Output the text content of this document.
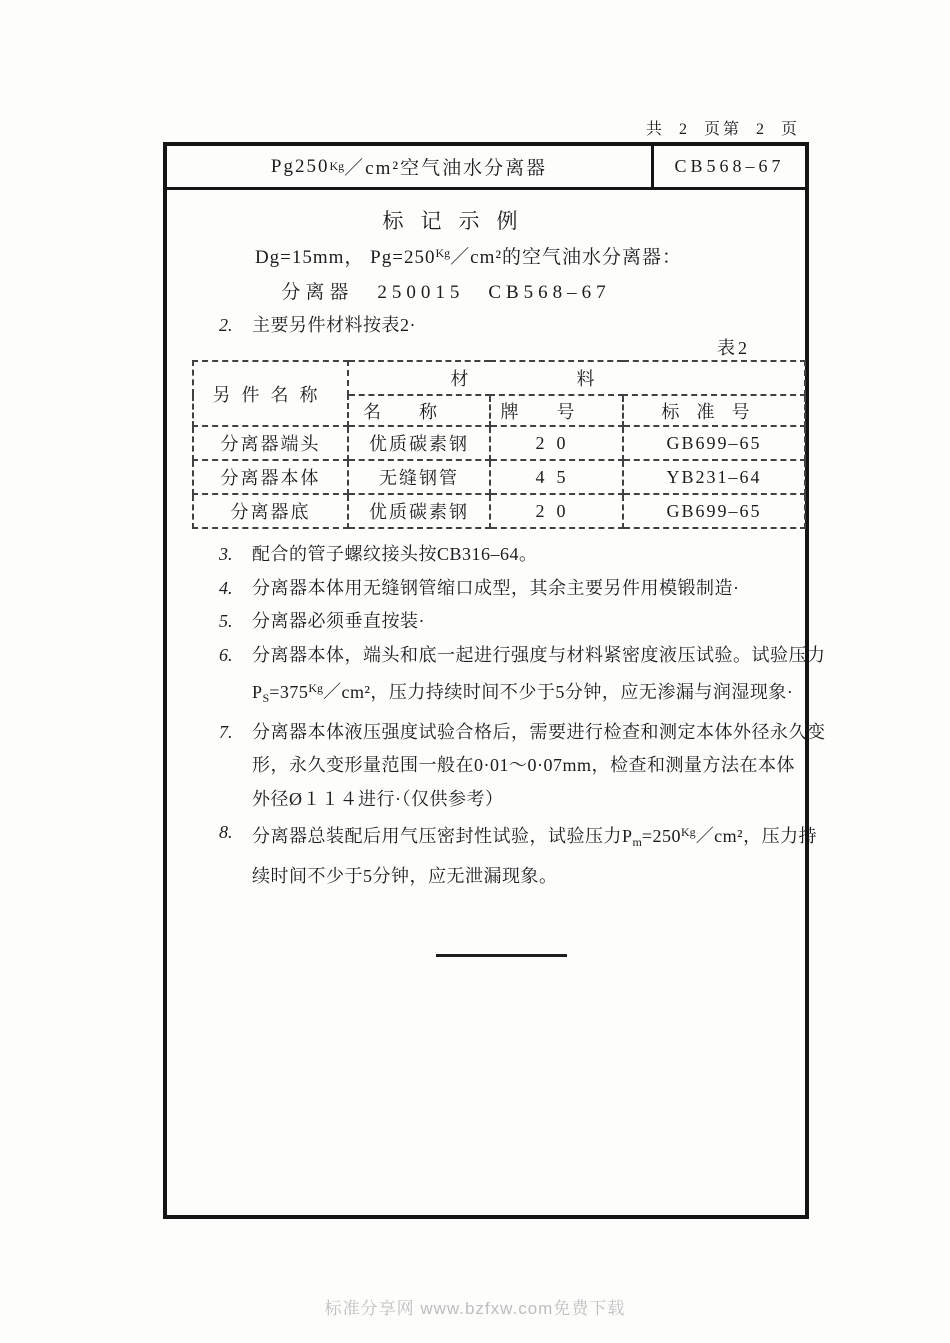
共  2  页第  2  页
Pg250 Kg ／cm²空气油水分离器	CB568–67
标记示例
Dg=15mm， $Pg=250^{Kg}/cm^2$的空气油水分离器：
分离器　250015　CB568–67
2. 主要另件材料按表2·
表2
另件名称	材料		
	名称	牌号	标准号
分离器端头	优质碳素钢	20	GB699–65
分离器本体	无缝钢管	45	YB231–64
分离器底	优质碳素钢	20	GB699–65
3. 配合的管子螺纹接头按CB316–64。
4. 分离器本体用无缝钢管缩口成型，其余主要另件用模锻制造·
5. 分离器必须垂直按装·
6. 分离器本体，端头和底一起进行强度与材料紧密度液压试验。试验压力
$P_S=375^{Kg}/cm^2$，压力持续时间不少于5分钟，应无渗漏与润湿现象·
7. 分离器本体液压强度试验合格后，需要进行检查和测定本体外径永久变
形，永久变形量范围一般在0·01～0·07mm，检查和测量方法在本体
外径Ø１１４进行·（仅供参考）
8. 分离器总装配后用气压密封性试验，试验压力$P_m=250^{Kg}/cm^2$，压力持
续时间不少于5分钟，应无泄漏现象。
标准分享网 www.bzfxw.com免费下载
